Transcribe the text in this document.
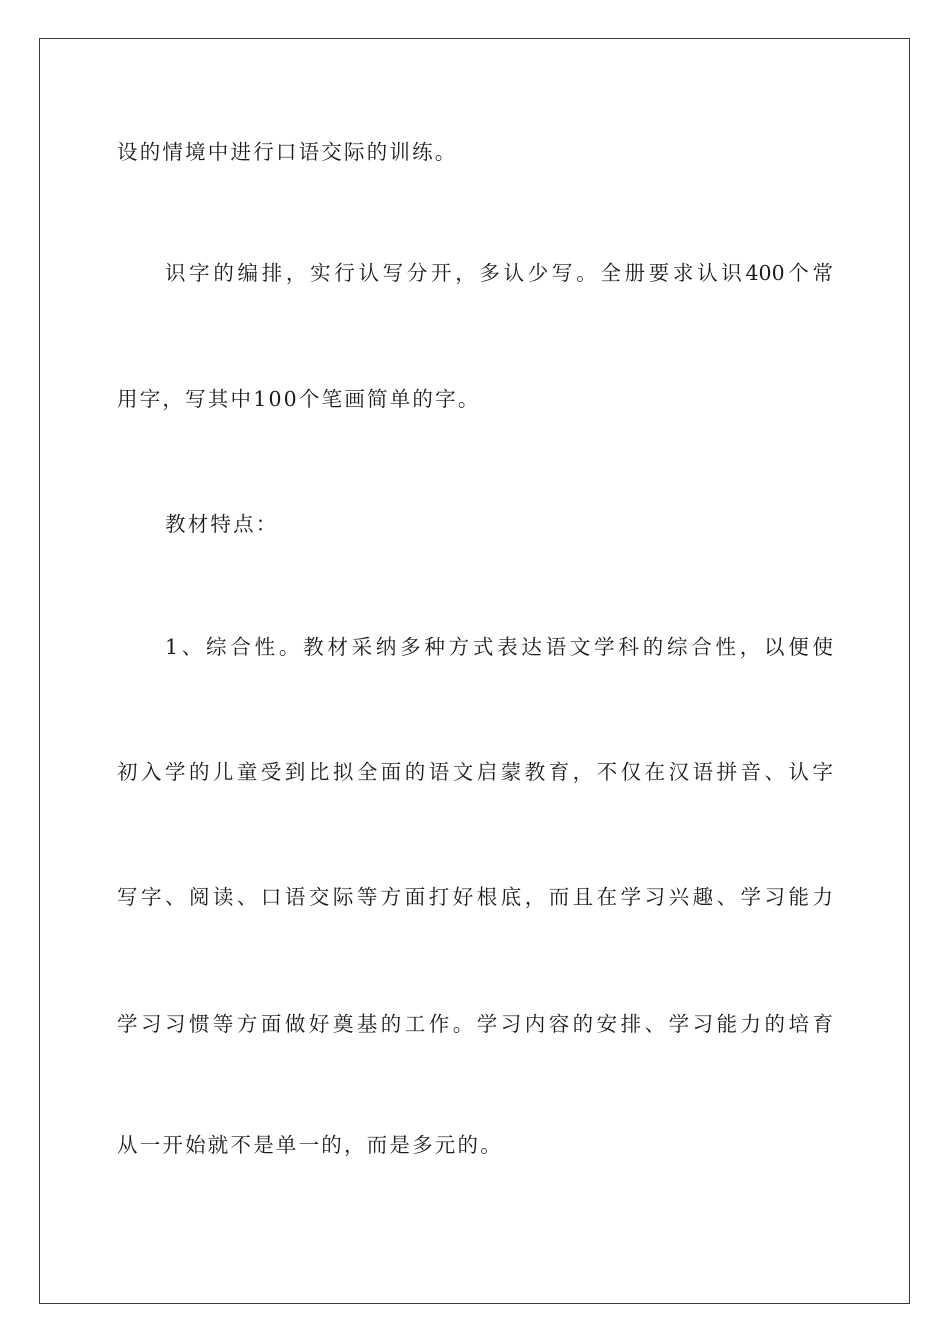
设的情境中进行口语交际的训练。
识字的编排，实行认写分开，多认少写。全册要求认识400个常
用字，写其中100个笔画简单的字。
教材特点：
1、综合性。教材采纳多种方式表达语文学科的综合性，以便使
初入学的儿童受到比拟全面的语文启蒙教育，不仅在汉语拼音、认字
写字、阅读、口语交际等方面打好根底，而且在学习兴趣、学习能力
学习习惯等方面做好奠基的工作。学习内容的安排、学习能力的培育
从一开始就不是单一的，而是多元的。
